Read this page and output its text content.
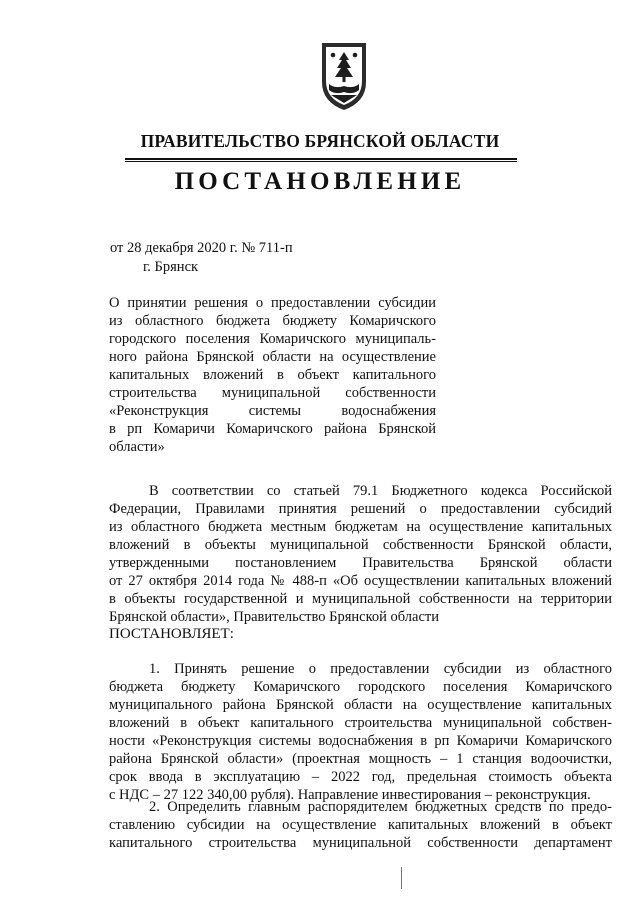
ПРАВИТЕЛЬСТВО БРЯНСКОЙ ОБЛАСТИ
ПОСТАНОВЛЕНИЕ
от 28 декабря 2020 г. № 711-п
г. Брянск
О принятии решения о предоставлении субсидии
из областного бюджета бюджету Комаричского
городского поселения Комаричского муниципаль-
ного района Брянской области на осуществление
капитальных вложений в объект капитального
строительства муниципальной собственности
«Реконструкция системы водоснабжения
в рп Комаричи Комаричского района Брянской
области»
В соответствии со статьей 79.1 Бюджетного кодекса Российской
Федерации, Правилами принятия решений о предоставлении субсидий
из областного бюджета местным бюджетам на осуществление капитальных
вложений в объекты муниципальной собственности Брянской области,
утвержденными постановлением Правительства Брянской области
от 27 октября 2014 года № 488-п «Об осуществлении капитальных вложений
в объекты государственной и муниципальной собственности на территории
Брянской области», Правительство Брянской области
ПОСТАНОВЛЯЕТ:
1. Принять решение о предоставлении субсидии из областного
бюджета бюджету Комаричского городского поселения Комаричского
муниципального района Брянской области на осуществление капитальных
вложений в объект капитального строительства муниципальной собствен-
ности «Реконструкция системы водоснабжения в рп Комаричи Комаричского
района Брянской области» (проектная мощность – 1 станция водоочистки,
срок ввода в эксплуатацию – 2022 год, предельная стоимость объекта
с НДС – 27 122 340,00 рубля). Направление инвестирования – реконструкция.
2. Определить главным распорядителем бюджетных средств по предо-
ставлению субсидии на осуществление капитальных вложений в объект
капитального строительства муниципальной собственности департамент
